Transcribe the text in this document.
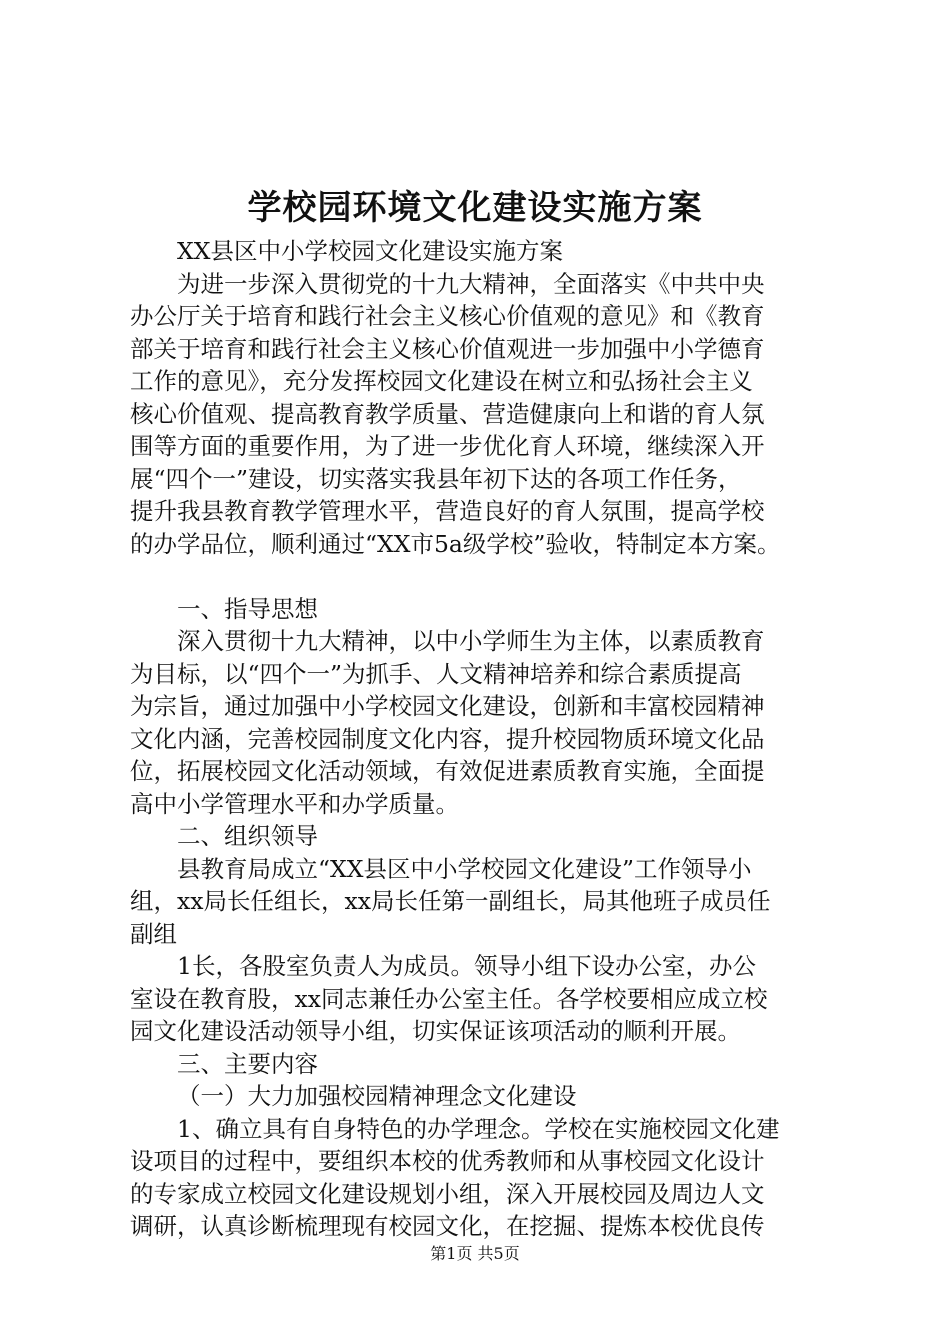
学校园环境文化建设实施方案

XX县区中小学校园文化建设实施方案

为进一步深入贯彻党的十九大精神，全面落实《中共中央

办公厅关于培育和践行社会主义核心价值观的意见》和《教育

部关于培育和践行社会主义核心价值观进一步加强中小学德育

工作的意见》，充分发挥校园文化建设在树立和弘扬社会主义

核心价值观、提高教育教学质量、营造健康向上和谐的育人氛

围等方面的重要作用，为了进一步优化育人环境，继续深入开

展“四个一”建设，切实落实我县年初下达的各项工作任务，

提升我县教育教学管理水平，营造良好的育人氛围，提高学校

的办学品位，顺利通过“XX市5a级学校”验收，特制定本方案。

一、指导思想

深入贯彻十九大精神，以中小学师生为主体，以素质教育

为目标，以“四个一”为抓手、人文精神培养和综合素质提高

为宗旨，通过加强中小学校园文化建设，创新和丰富校园精神

文化内涵，完善校园制度文化内容，提升校园物质环境文化品

位，拓展校园文化活动领域，有效促进素质教育实施，全面提

高中小学管理水平和办学质量。

二、组织领导

县教育局成立“XX县区中小学校园文化建设”工作领导小

组，xx局长任组长，xx局长任第一副组长，局其他班子成员任

副组

1长，各股室负责人为成员。领导小组下设办公室，办公

室设在教育股，xx同志兼任办公室主任。各学校要相应成立校

园文化建设活动领导小组，切实保证该项活动的顺利开展。

三、主要内容

（一）大力加强校园精神理念文化建设

1、确立具有自身特色的办学理念。学校在实施校园文化建

设项目的过程中，要组织本校的优秀教师和从事校园文化设计

的专家成立校园文化建设规划小组，深入开展校园及周边人文

调研，认真诊断梳理现有校园文化，在挖掘、提炼本校优良传

第1页 共5页
